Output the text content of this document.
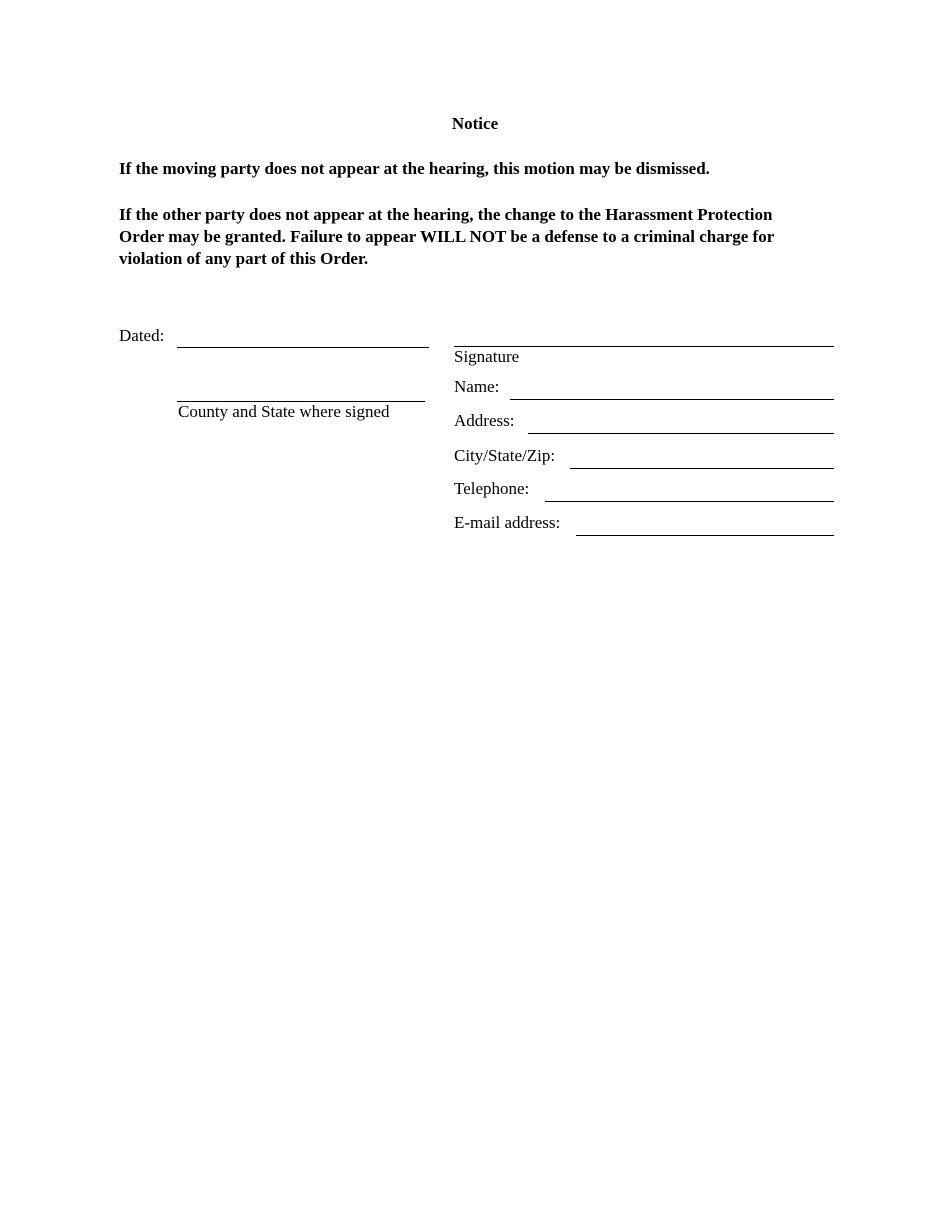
Notice
If the moving party does not appear at the hearing, this motion may be dismissed.
If the other party does not appear at the hearing, the change to the Harassment Protection Order may be granted. Failure to appear WILL NOT be a defense to a criminal charge for violation of any part of this Order.
Dated:
County and State where signed
Signature
Name:
Address:
City/State/Zip:
Telephone:
E-mail address:
